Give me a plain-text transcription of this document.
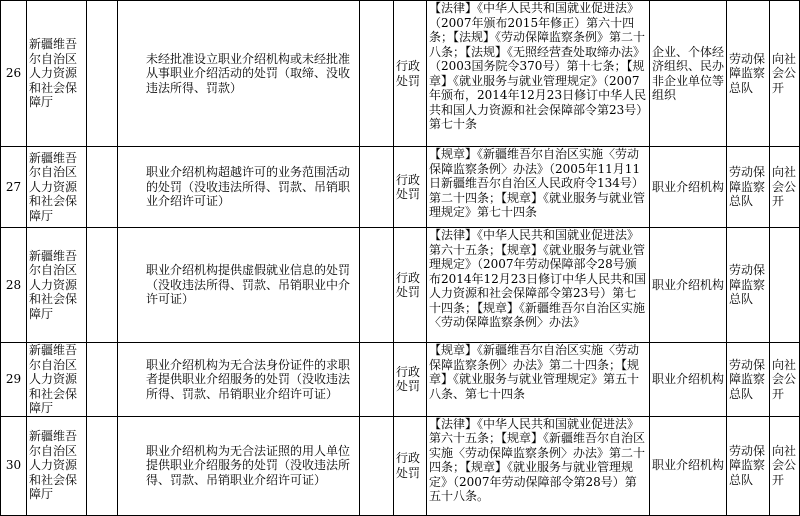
26	新疆维吾尔自治区人力资源和社会保障厅		未经批准设立职业介绍机构或未经批准从事职业介绍活动的处罚（取缔、没收违法所得、罚款）		行政处罚	【法律】《中华人民共和国就业促进法》（2007年颁布2015年修正）第六十四条；【法规】《劳动保障监察条例》第二十八条；【法规】《无照经营查处取缔办法》（2003国务院令370号）第十七条；【规章】《就业服务与就业管理规定》（2007年颁布，2014年12月23日修订中华人民共和国人力资源和社会保障部令第23号）第七十条	企业、个体经济组织、民办非企业单位等组织	劳动保障监察总队	向社会公开
27	新疆维吾尔自治区人力资源和社会保障厅		职业介绍机构超越许可的业务范围活动的处罚（没收违法所得、罚款、吊销职业介绍许可证）		行政处罚	【规章】《新疆维吾尔自治区实施〈劳动保障监察条例〉办法》（2005年11月11日新疆维吾尔自治区人民政府令134号）第二十四条；【规章】《就业服务与就业管理规定》第七十四条	职业介绍机构	劳动保障监察总队	向社会公开
28	新疆维吾尔自治区人力资源和社会保障厅		职业介绍机构提供虚假就业信息的处罚（没收违法所得、罚款、吊销职业中介许可证）		行政处罚	【法律】《中华人民共和国就业促进法》第六十五条；【规章】《就业服务与就业管理规定》（2007年劳动保障部令28号颁布2014年12月23日修订中华人民共和国人力资源和社会保障部令第23号）第七十四条；【规章】《新疆维吾尔自治区实施〈劳动保障监察条例〉办法》	职业介绍机构	劳动保障监察总队	
29	新疆维吾尔自治区人力资源和社会保障厅		职业介绍机构为无合法身份证件的求职者提供职业介绍服务的处罚（没收违法所得、罚款、吊销职业介绍许可证）		行政处罚	【规章】《新疆维吾尔自治区实施〈劳动保障监察条例〉办法》第二十四条；【规章】《就业服务与就业管理规定》第五十八条、第七十四条	职业介绍机构	劳动保障监察总队	向社会公开
30	新疆维吾尔自治区人力资源和社会保障厅		职业介绍机构为无合法证照的用人单位提供职业介绍服务的处罚（没收违法所得、罚款、吊销职业介绍许可证）		行政处罚	【法律】《中华人民共和国就业促进法》第六十五条；【规章】《新疆维吾尔自治区实施〈劳动保障监察条例〉办法》第二十四条；【规章】《就业服务与就业管理规定》（2007年劳动保障部令第28号）第五十八条。	职业介绍机构	劳动保障监察总队	向社会公开
